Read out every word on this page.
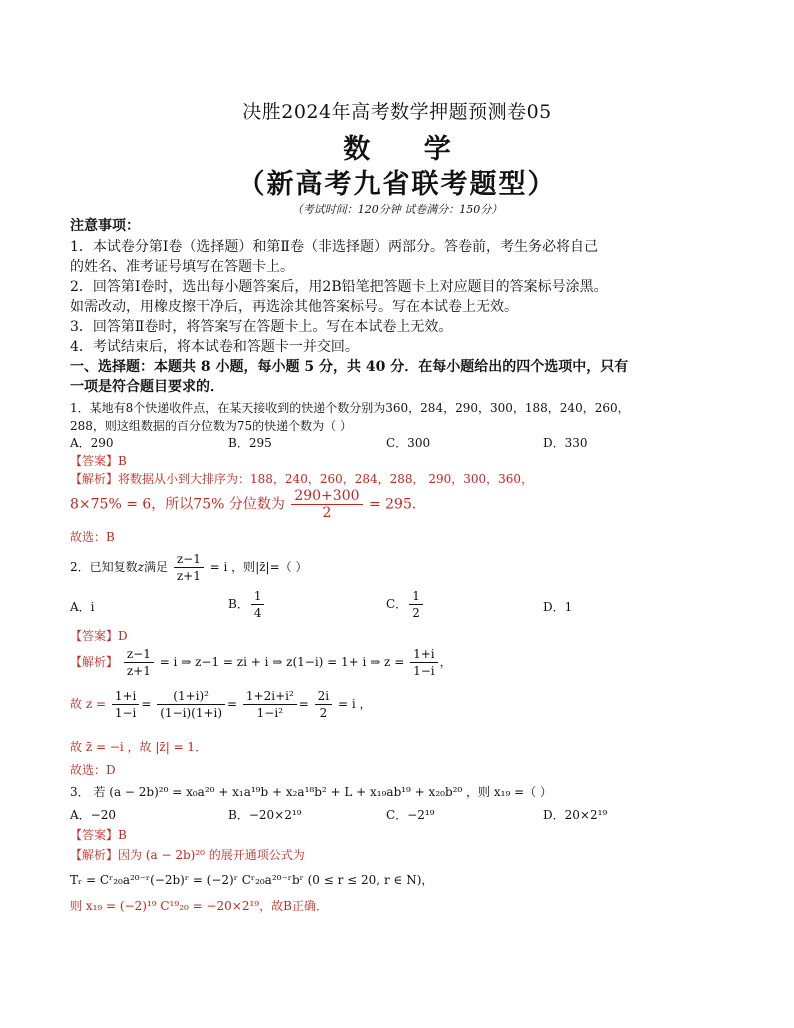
决胜2024年高考数学押题预测卷05
数 学
（新高考九省联考题型）
（考试时间：120分钟 试卷满分：150分）
注意事项：
1．本试卷分第Ⅰ卷（选择题）和第Ⅱ卷（非选择题）两部分。答卷前，考生务必将自己
的姓名、准考证号填写在答题卡上。
2．回答第Ⅰ卷时，选出每小题答案后，用2B铅笔把答题卡上对应题目的答案标号涂黑。
如需改动，用橡皮擦干净后，再选涂其他答案标号。写在本试卷上无效。
3．回答第Ⅱ卷时，将答案写在答题卡上。写在本试卷上无效。
4．考试结束后，将本试卷和答题卡一并交回。
一、选择题：本题共 8 小题，每小题 5 分，共 40 分．在每小题给出的四个选项中，只有
一项是符合题目要求的．
1．某地有8个快递收件点，在某天接收到的快递个数分别为360，284，290，300，188，240，260，
288，则这组数据的百分位数为75的快递个数为（ ）
A．290	B．295	C．300	D．330
【答案】B
【解析】将数据从小到大排序为：188，240，260，284，288， 290，300，360，
8×75% = 6，所以75% 分位数为 $\frac{290+300}{2} = 295$．
故选：B
2．已知复数z满足 $\frac{z-1}{z+1} = i$ ，则|z̄|=（ ）
A．i	B． $\frac{1}{4}$	C． $\frac{1}{2}$	D．1
【答案】D
【解析】 $\frac{z-1}{z+1} = i$ ⇒ z−1 = zi + i ⇒ z(1−i) = 1+ i ⇒ $z = \frac{1+i}{1-i}$ ，
故 $z = \frac{1+i}{1-i} = \frac{\text{(1+i)²}}{(1-i)(1+i)} = \frac{\text{1+2i+i²}}{\text{1−i²}} = \frac{2i}{2} = i$ ，
故 z̄ = −i ，故 |z̄| = 1．
故选：D
3． 若 (a − 2b)²⁰ = x₀a²⁰ + x₁a¹⁹b + x₂a¹⁸b² + L + x₁₉ab¹⁹ + x₂₀b²⁰ ，则 x₁₉ =（ ）
A．−20	B．−20×2¹⁹	C．−2¹⁹	D．20×2¹⁹
【答案】B
【解析】因为 (a − 2b)²⁰ 的展开通项公式为
Tᵣ = Cʳ₂₀a²⁰⁻ʳ(−2b)ʳ = (−2)ʳ Cʳ₂₀a²⁰⁻ʳbʳ (0 ≤ r ≤ 20, r ∈ N)，
则 x₁₉ = (−2)¹⁹ C¹⁹₂₀ = −20×2¹⁹，故B正确．
